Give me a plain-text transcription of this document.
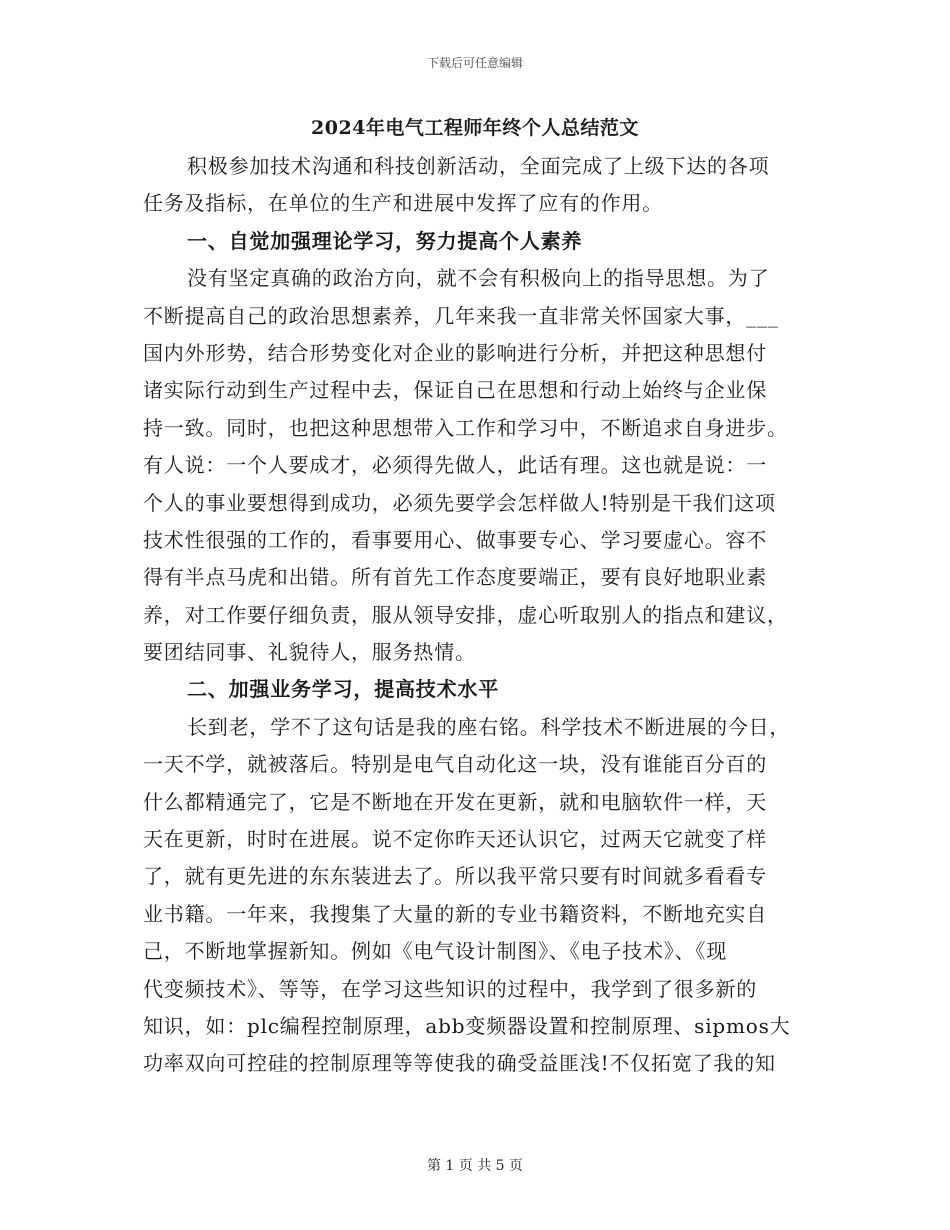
下载后可任意编辑
2024年电气工程师年终个人总结范文
积极参加技术沟通和科技创新活动，全面完成了上级下达的各项
任务及指标，在单位的生产和进展中发挥了应有的作用。
一、自觉加强理论学习，努力提高个人素养
没有坚定真确的政治方向，就不会有积极向上的指导思想。为了
不断提高自己的政治思想素养，几年来我一直非常关怀国家大事，___
国内外形势，结合形势变化对企业的影响进行分析，并把这种思想付
诸实际行动到生产过程中去，保证自己在思想和行动上始终与企业保
持一致。同时，也把这种思想带入工作和学习中，不断追求自身进步。
有人说：一个人要成才，必须得先做人，此话有理。这也就是说：一
个人的事业要想得到成功，必须先要学会怎样做人!特别是干我们这项
技术性很强的工作的，看事要用心、做事要专心、学习要虚心。容不
得有半点马虎和出错。所有首先工作态度要端正，要有良好地职业素
养，对工作要仔细负责，服从领导安排，虚心听取别人的指点和建议，
要团结同事、礼貌待人，服务热情。
二、加强业务学习，提高技术水平
长到老，学不了这句话是我的座右铭。科学技术不断进展的今日，
一天不学，就被落后。特别是电气自动化这一块，没有谁能百分百的
什么都精通完了，它是不断地在开发在更新，就和电脑软件一样，天
天在更新，时时在进展。说不定你昨天还认识它，过两天它就变了样
了，就有更先进的东东装进去了。所以我平常只要有时间就多看看专
业书籍。一年来，我搜集了大量的新的专业书籍资料，不断地充实自
己，不断地掌握新知。例如《电气设计制图》、《电子技术》、《现
代变频技术》、等等，在学习这些知识的过程中，我学到了很多新的
知识，如：plc编程控制原理，abb变频器设置和控制原理、sipmos大
功率双向可控硅的控制原理等等使我的确受益匪浅!不仅拓宽了我的知
第 1 页 共 5 页
